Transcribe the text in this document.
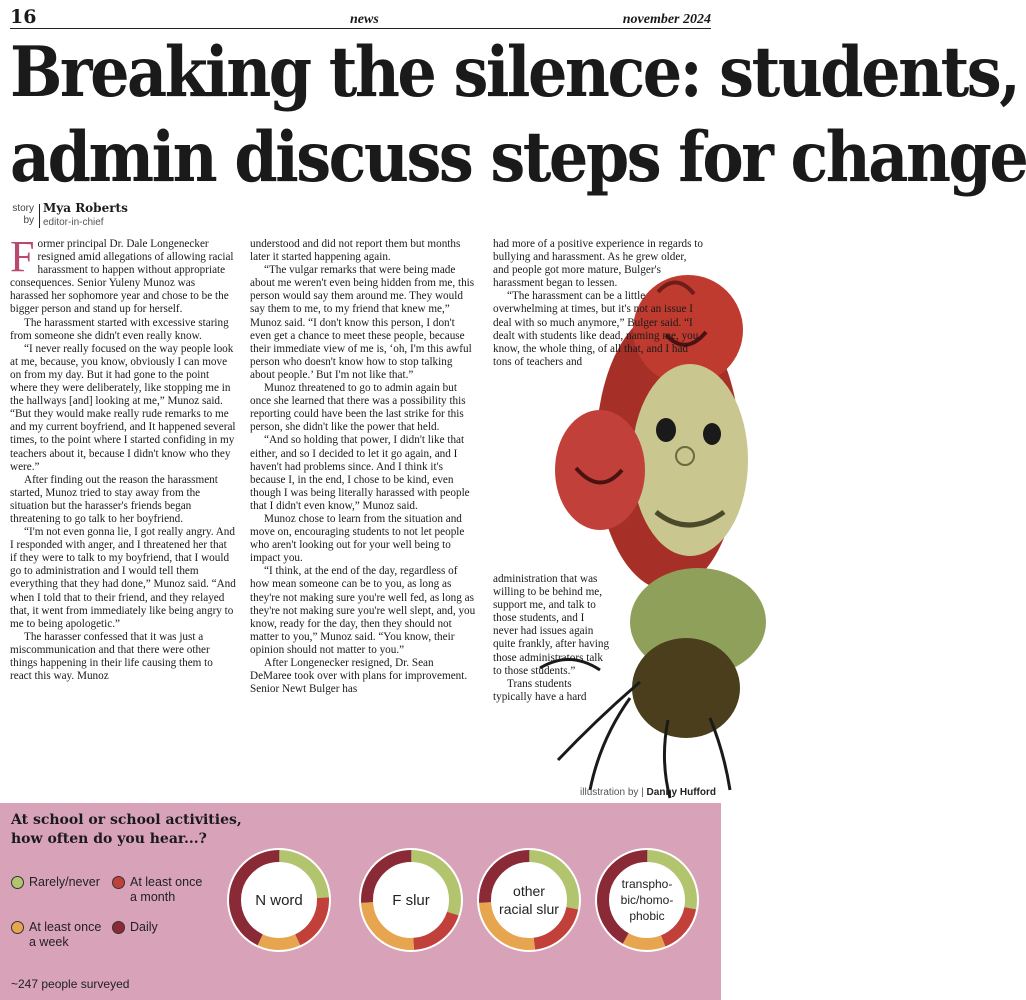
16	news	november 2024
Breaking the silence: students,
admin discuss steps for change
story by
Mya Roberts
editor-in-chief

Former principal Dr. Dale Longenecker resigned amid allegations of allowing racial harassment to happen without appropriate consequences. Senior Yuleny Munoz was harassed her sophomore year and chose to be the bigger person and stand up for herself.

The harassment started with excessive staring from someone she didn't even really know.

“I never really focused on the way people look at me, because, you know, obviously I can move on from my day. But it had gone to the point where they were deliberately, like stopping me in the hallways [and] looking at me,” Munoz said. “But they would make really rude remarks to me and my current boyfriend, and It happened several times, to the point where I started confiding in my teachers about it, because I didn't know who they were.”

After finding out the reason the harassment started, Munoz tried to stay away from the situation but the harasser's friends began threatening to go talk to her boyfriend.

“I'm not even gonna lie, I got really angry. And I responded with anger, and I threatened her that if they were to talk to my boyfriend, that I would go to administration and I would tell them everything that they had done,” Munoz said. “And when I told that to their friend, and they relayed that, it went from immediately like being angry to me to being apologetic.”

The harasser confessed that it was just a miscommunication and that there were other things happening in their life causing them to react this way. Munoz

understood and did not report them but months later it started happening again.

“The vulgar remarks that were being made about me weren't even being hidden from me, this person would say them around me. They would say them to me, to my friend that knew me,” Munoz said. “I don't know this person, I don't even get a chance to meet these people, because their immediate view of me is, ‘oh, I'm this awful person who doesn't know how to stop talking about people.’ But I'm not like that.”

Munoz threatened to go to admin again but once she learned that there was a possibility this reporting could have been the last strike for this person, she didn't like the power that held.

“And so holding that power, I didn't like that either, and so I decided to let it go again, and I haven't had problems since. And I think it's because I, in the end, I chose to be kind, even though I was being literally harassed with people that I didn't even know,” Munoz said.

Munoz chose to learn from the situation and move on, encouraging students to not let people who aren't looking out for your well being to impact you.

“I think, at the end of the day, regardless of how mean someone can be to you, as long as they're not making sure you're well fed, as long as they're not making sure you're well slept, and, you know, ready for the day, then they should not matter to you,” Munoz said. “You know, their opinion should not matter to you.”

After Longenecker resigned, Dr. Sean DeMaree took over with plans for improvement. Senior Newt Bulger has

had more of a positive experience in regards to bullying and harassment. As he grew older, and people got more mature, Bulger's harassment began to lessen.

“The harassment can be a little overwhelming at times, but it's not an issue I deal with so much anymore,” Bulger said. “I dealt with students like dead, naming me, you know, the whole thing, of all that, and I had tons of teachers and

administration that was willing to be behind me, support me, and talk to those students, and I never had issues again quite frankly, after having those administrators talk to those students.”

Trans students typically have a hard

illustration by | Danny Hufford
At school or school activities, how often do you hear...?
Rarely/never At least once a month
At least once a week
Daily
~247 people surveyed
N word	F slur
other racial slur
transpho-bic/homo-phobic
